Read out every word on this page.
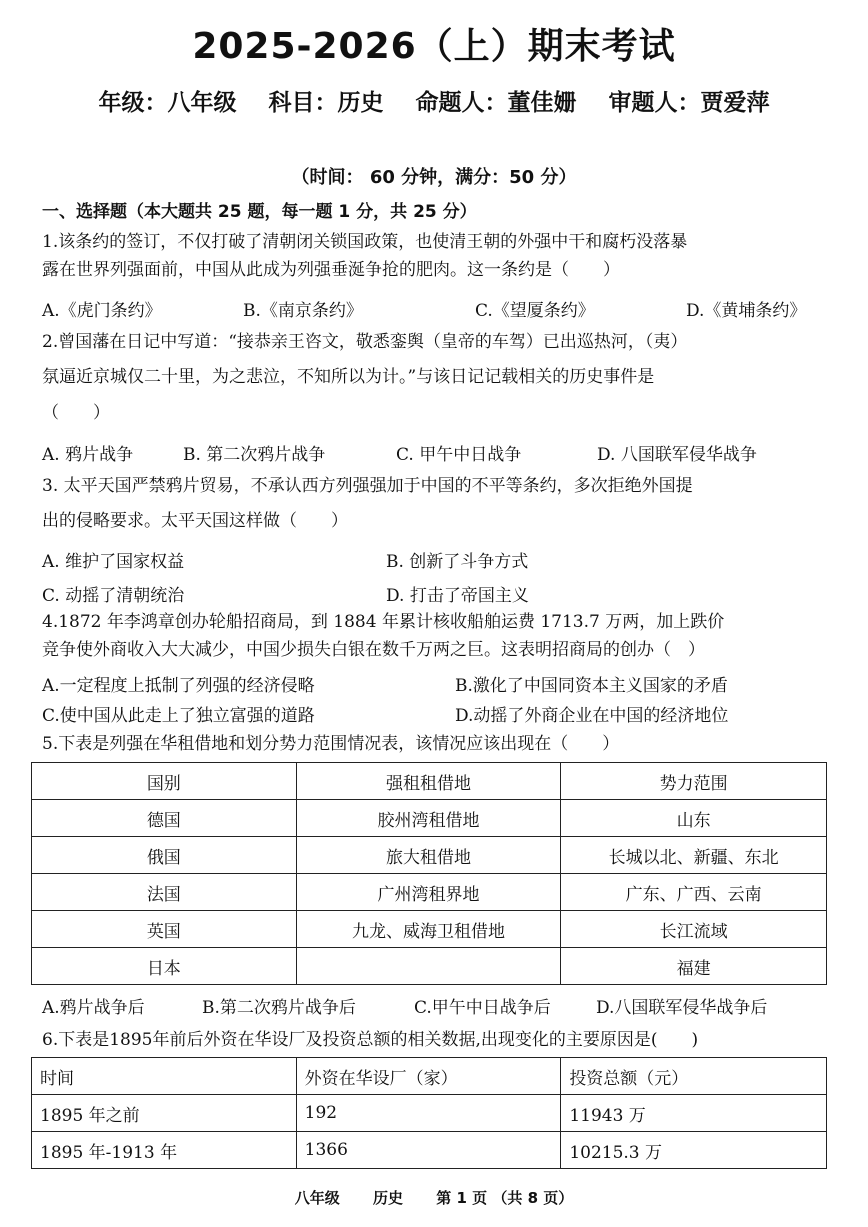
2025-2026（上）期末考试
年级：八年级 科目：历史 命题人：董佳姗 审题人：贾爱萍
（时间： 60 分钟，满分：50 分）
一、选择题（本大题共 25 题，每一题 1 分，共 25 分）
1.该条约的签订，不仅打破了清朝闭关锁国政策，也使清王朝的外强中干和腐朽没落暴
露在世界列强面前，中国从此成为列强垂涎争抢的肥肉。这一条约是（　　）
A.《虎门条约》	B.《南京条约》	C.《望厦条约》	D.《黄埔条约》
2.曾国藩在日记中写道：“接恭亲王咨文，敬悉銮舆（皇帝的车驾）已出巡热河，（夷）
氛逼近京城仅二十里，为之悲泣，不知所以为计。”与该日记记载相关的历史事件是
（　　）
A. 鸦片战争	B. 第二次鸦片战争	C. 甲午中日战争	D. 八国联军侵华战争
3. 太平天国严禁鸦片贸易，不承认西方列强强加于中国的不平等条约，多次拒绝外国提
出的侵略要求。太平天国这样做（　　）
A. 维护了国家权益	B. 创新了斗争方式
C. 动摇了清朝统治	D. 打击了帝国主义
4.1872 年李鸿章创办轮船招商局，到 1884 年累计核收船舶运费 1713.7 万两，加上跌价
竞争使外商收入大大减少，中国少损失白银在数千万两之巨。这表明招商局的创办（　）
A.一定程度上抵制了列强的经济侵略	B.激化了中国同资本主义国家的矛盾
C.使中国从此走上了独立富强的道路	D.动摇了外商企业在中国的经济地位
5.下表是列强在华租借地和划分势力范围情况表，该情况应该出现在（　　）
国别	强租租借地	势力范围
德国	胶州湾租借地	山东
俄国	旅大租借地	长城以北、新疆、东北
法国	广州湾租界地	广东、广西、云南
英国	九龙、威海卫租借地	长江流域
日本		福建
A.鸦片战争后	B.第二次鸦片战争后	C.甲午中日战争后	D.八国联军侵华战争后
6.下表是1895年前后外资在华设厂及投资总额的相关数据,出现变化的主要原因是(　　)
时间	外资在华设厂（家）	投资总额（元）
1895 年之前	192	11943 万
1895 年-1913 年	1366	10215.3 万
八年级 历史 第 1 页 （共 8 页）
